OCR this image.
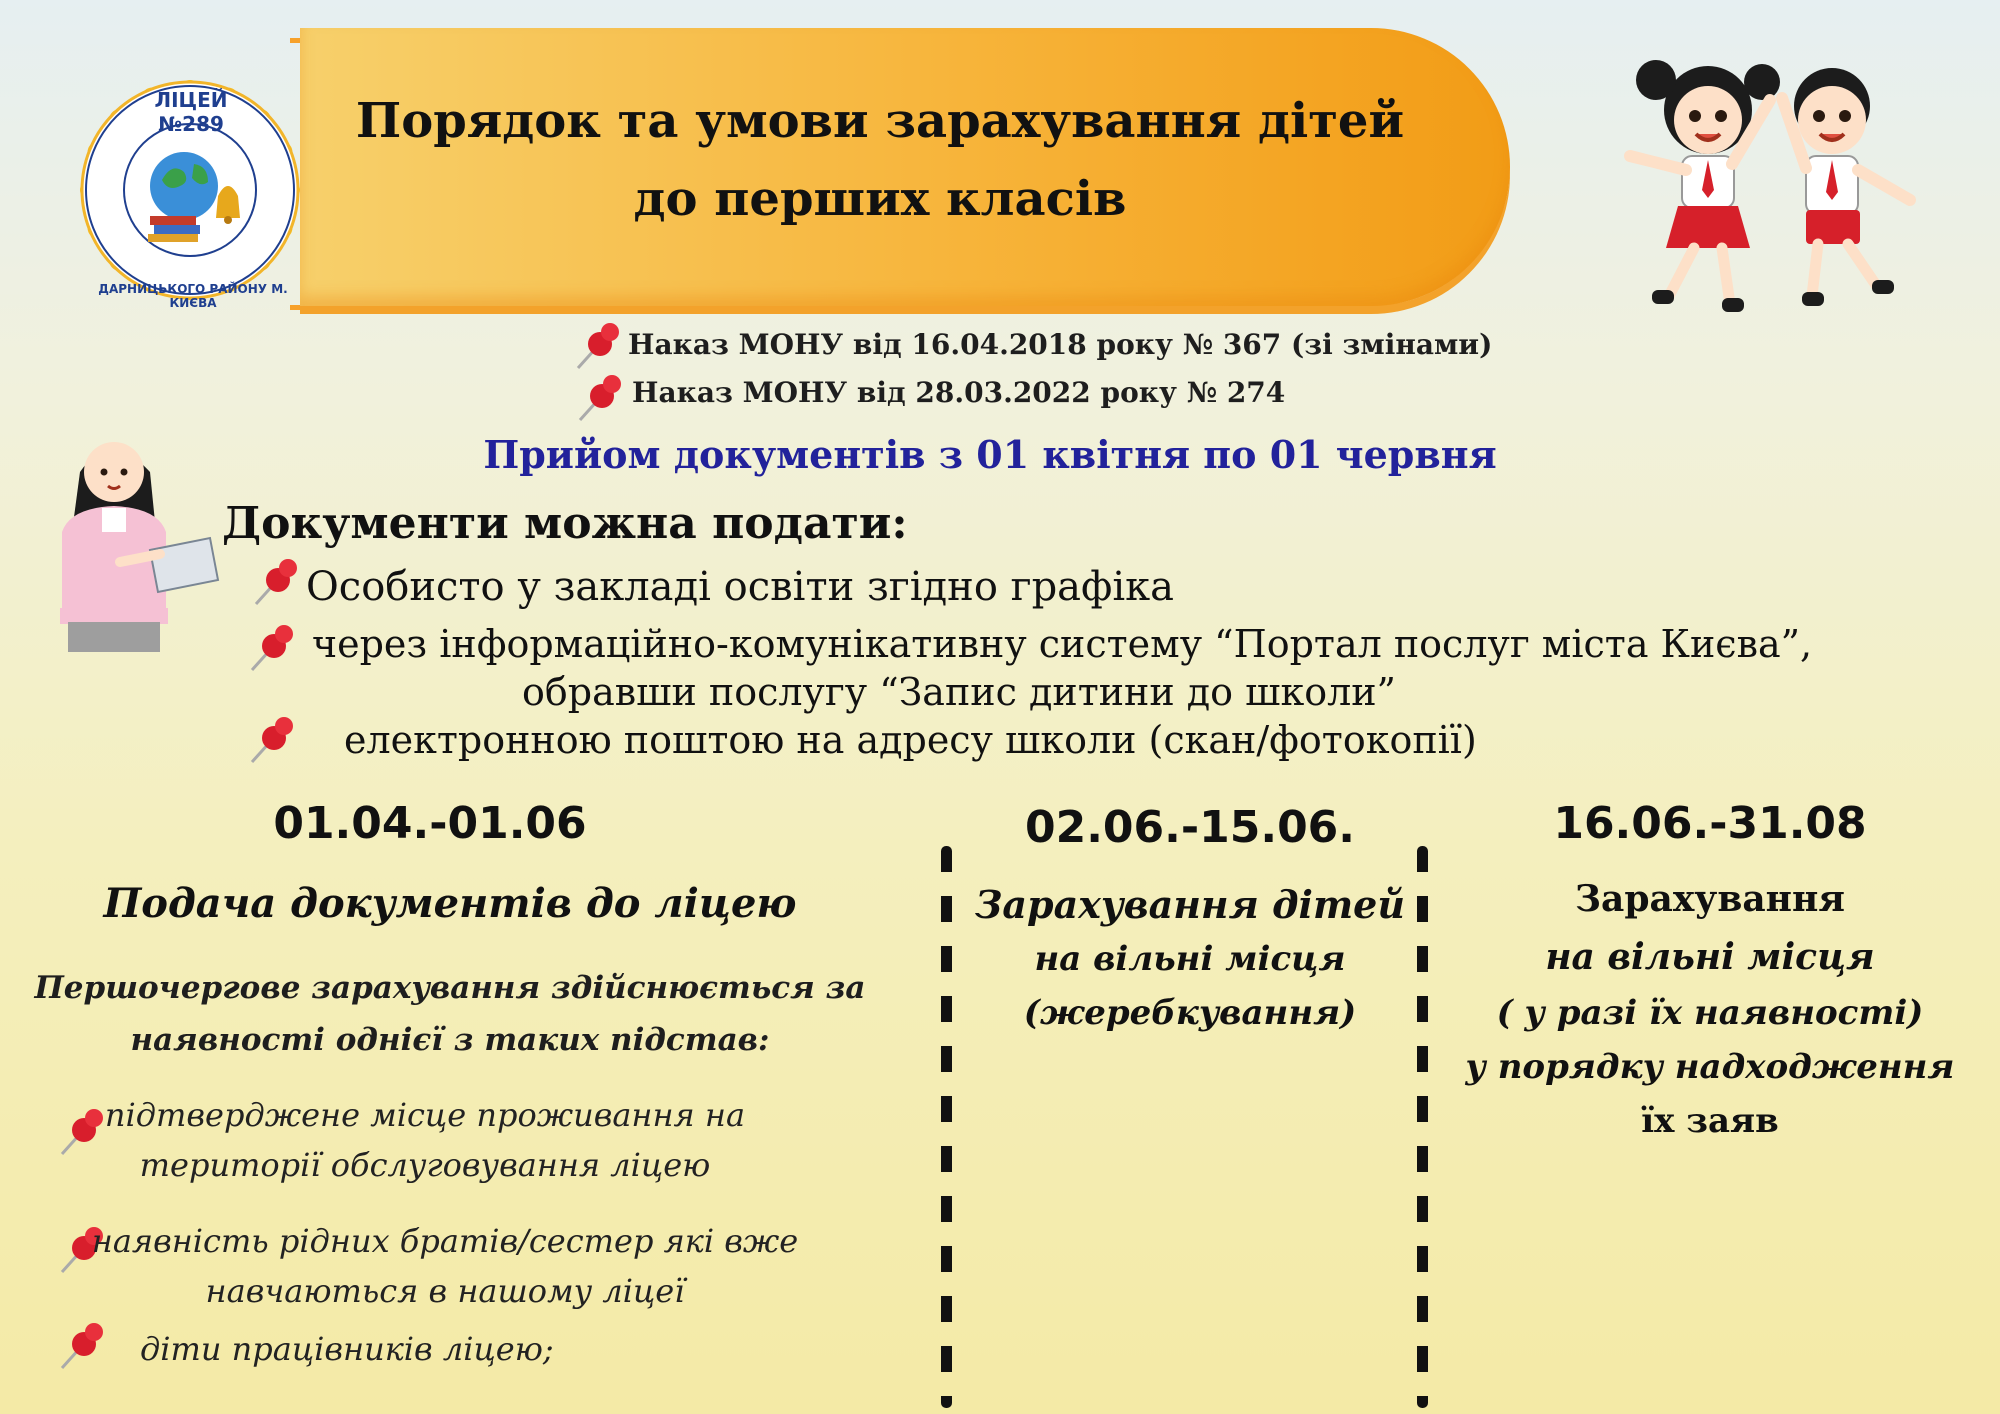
ЛІЦЕЙ №289
ДАРНИЦЬКОГО РАЙОНУ М. КИЄВА
Порядок та умови зарахування дітей
до перших класів
Наказ МОНУ від 16.04.2018 року № 367 (зі змінами)
Наказ МОНУ від 28.03.2022 року № 274
Прийом документів з 01 квітня по 01 червня
Документи можна подати:
Особисто у закладі освіти згідно графіка
через інформаційно-комунікативну систему “Портал послуг міста Києва”,
обравши послугу “Запис дитини до школи”
електронною поштою на адресу школи (скан/фотокопії)
01.04.-01.06
Подача документів до ліцею
Першочергове зарахування здійснюється за
наявності однієї з таких підстав:
підтверджене місце проживання на
території обслуговування ліцею
наявність рідних братів/сестер які вже
навчаються в нашому ліцеї
діти працівників ліцею;
02.06.-15.06.
Зарахування дітей
на вільні місця
(жеребкування)
16.06.-31.08
Зарахування
на вільні місця
( у разі їх наявності)
у порядку надходження
їх заяв
